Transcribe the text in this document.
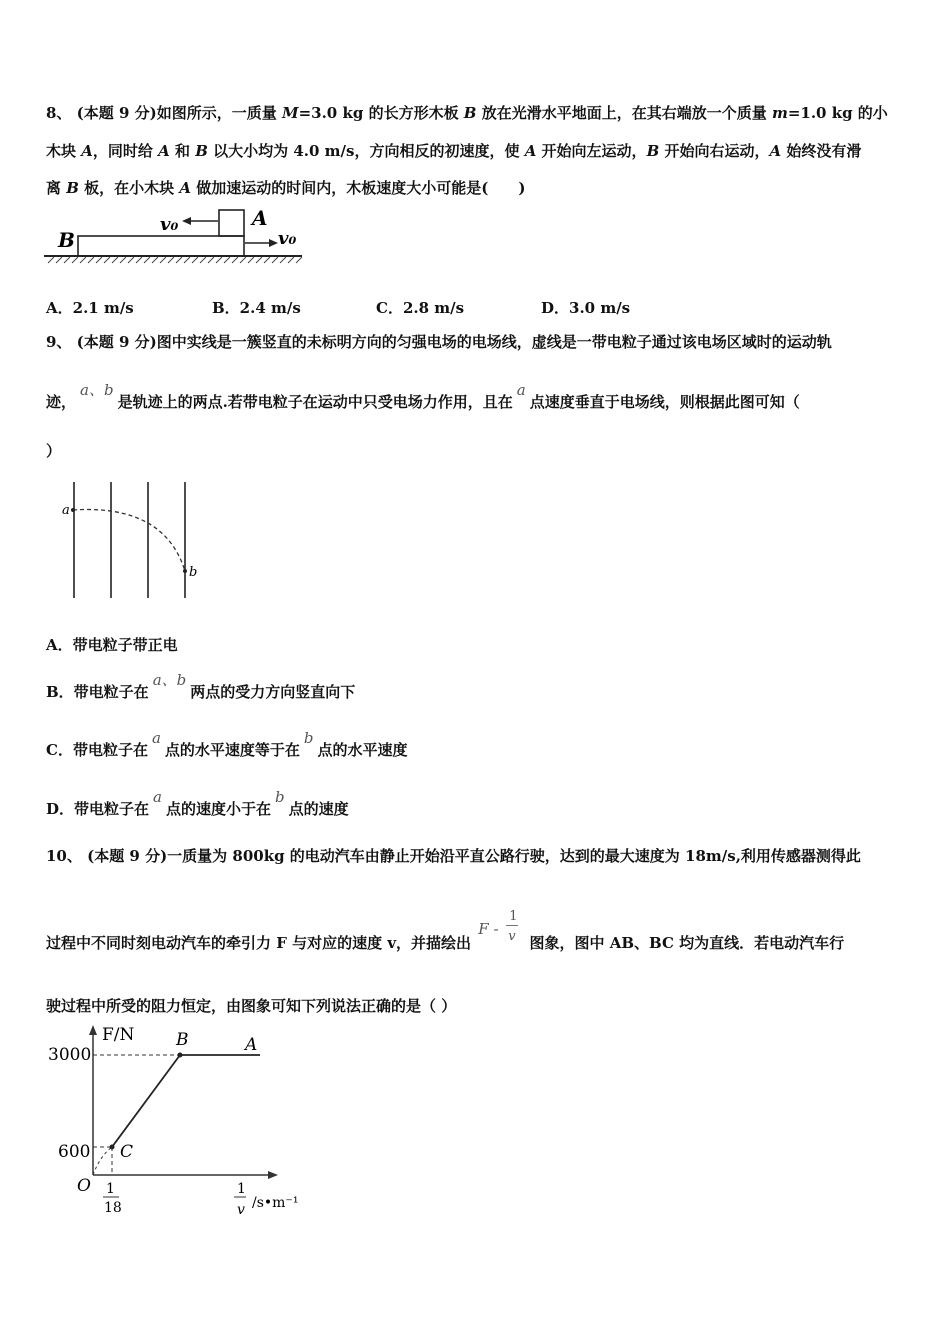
8、 (本题 9 分)如图所示，一质量 M=3.0 kg 的长方形木板 B 放在光滑水平地面上，在其右端放一个质量 m=1.0 kg 的小
木块 A，同时给 A 和 B 以大小均为 4.0 m/s，方向相反的初速度，使 A 开始向左运动，B 开始向右运动，A 始终没有滑
离 B 板，在小木块 A 做加速运动的时间内，木板速度大小可能是(　　)
B
A
v₀
v₀
A．2.1 m/s	B．2.4 m/s	C．2.8 m/s	D．3.0 m/s
9、 (本题 9 分)图中实线是一簇竖直的未标明方向的匀强电场的电场线，虚线是一带电粒子通过该电场区域时的运动轨
迹，a、b是轨迹上的两点.若带电粒子在运动中只受电场力作用，且在a点速度垂直于电场线，则根据此图可知（
）
a
b
A．带电粒子带正电
B．带电粒子在a、b两点的受力方向竖直向下
C．带电粒子在a点的水平速度等于在b点的水平速度
D．带电粒子在a点的速度小于在b点的速度
10、 (本题 9 分)一质量为 800kg 的电动汽车由静止开始沿平直公路行驶，达到的最大速度为 18m/s,利用传感器测得此
过程中不同时刻电动汽车的牵引力 F 与对应的速度 v，并描绘出
F -
1
v 图象，图中 AB、BC 均为直线．若电动汽车行
驶过程中所受的阻力恒定，由图象可知下列说法正确的是（ ）
F/N
O
3000
600
1
18
1
v /s•m⁻¹
A
B
C
